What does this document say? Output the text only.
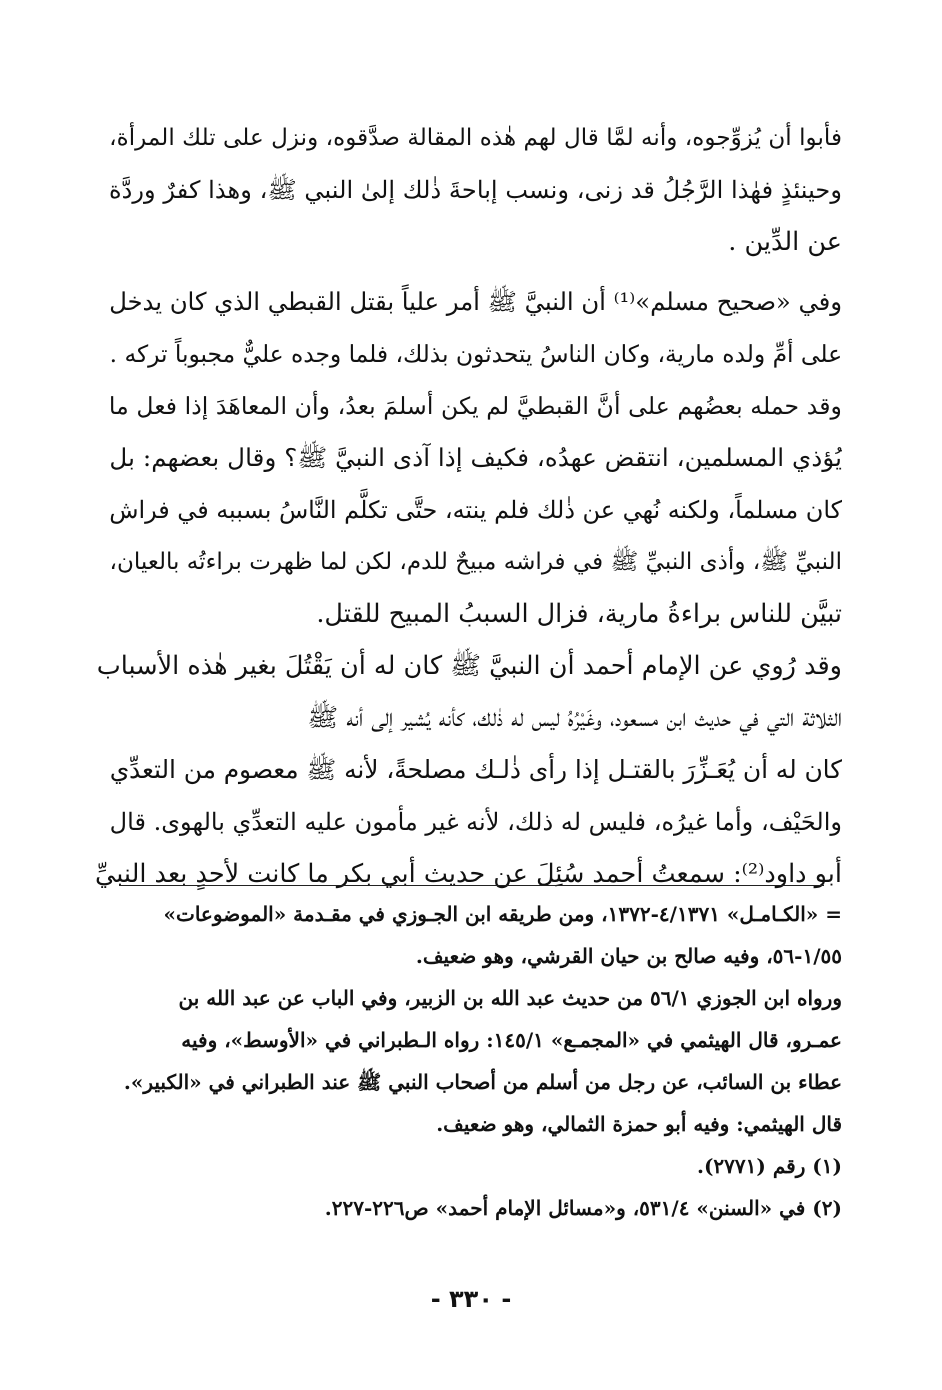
فأبوا أن يُزوِّجوه، وأنه لمَّا قال لهم هٰذه المقالة صدَّقوه، ونزل على تلك المرأة،
وحينئذٍ فهٰذا الرَّجُلُ قد زنى، ونسب إباحةَ ذٰلك إلىٰ النبي ﷺ، وهذا كفرٌ وردَّة
عن الدِّين .
وفي «صحيح مسلم»⁽¹⁾ أن النبيَّ ﷺ أمر علياً بقتل القبطي الذي كان يدخل
على أمِّ ولده مارية، وكان الناسُ يتحدثون بذلك، فلما وجده عليٌّ مجبوباً تركه .
وقد حمله بعضُهم على أنَّ القبطيَّ لم يكن أسلمَ بعدُ، وأن المعاهَدَ إذا فعل ما
يُؤذي المسلمين، انتقض عهدُه، فكيف إذا آذى النبيَّ ﷺ؟ وقال بعضهم: بل
كان مسلماً، ولكنه نُهي عن ذٰلك فلم ينته، حتَّى تكلَّم النَّاسُ بسببه في فراش
النبيِّ ﷺ، وأذى النبيِّ ﷺ في فراشه مبيحٌ للدم، لكن لما ظهرت براءتُه بالعيان،
تبيَّن للناس براءةُ مارية، فزال السببُ المبيح للقتل.
وقد رُوي عن الإمام أحمد أن النبيَّ ﷺ كان له أن يَقْتُلَ بغير هٰذه الأسباب
الثلاثة التي في حديث ابن مسعود، وغَيْرُهُ ليس له ذٰلك، كأنه يُشير إلى أنه ﷺ
كان له أن يُعَـزِّرَ بالقتـل إذا رأى ذٰلـك مصلحةً، لأنه ﷺ معصوم من التعدِّي
والحَيْف، وأما غيرُه، فليس له ذلك، لأنه غير مأمون عليه التعدِّي بالهوى. قال
أبو داود⁽²⁾: سمعتُ أحمد سُئِلَ عن حديث أبي بكر ما كانت لأحدٍ بعد النبيِّ
= «الكـامـل» ٤/١٣٧١-١٣٧٢، ومن طريقه ابن الجـوزي في مقـدمة «الموضوعات»
١/٥٥-٥٦، وفيه صالح بن حيان القرشي، وهو ضعيف.
ورواه ابن الجوزي ٥٦/١ من حديث عبد الله بن الزبير، وفي الباب عن عبد الله بن
عمـرو، قال الهيثمي في «المجمـع» ١٤٥/١: رواه الـطبراني في «الأوسط»، وفيه
عطاء بن السائب، عن رجل من أسلم من أصحاب النبي ﷺ عند الطبراني في «الكبير».
قال الهيثمي: وفيه أبو حمزة الثمالي، وهو ضعيف.
(١) رقم (٢٧٧١).
(٢) في «السنن» ٥٣١/٤، و«مسائل الإمام أحمد» ص٢٢٦-٢٢٧.
- ٣٣٠ -
